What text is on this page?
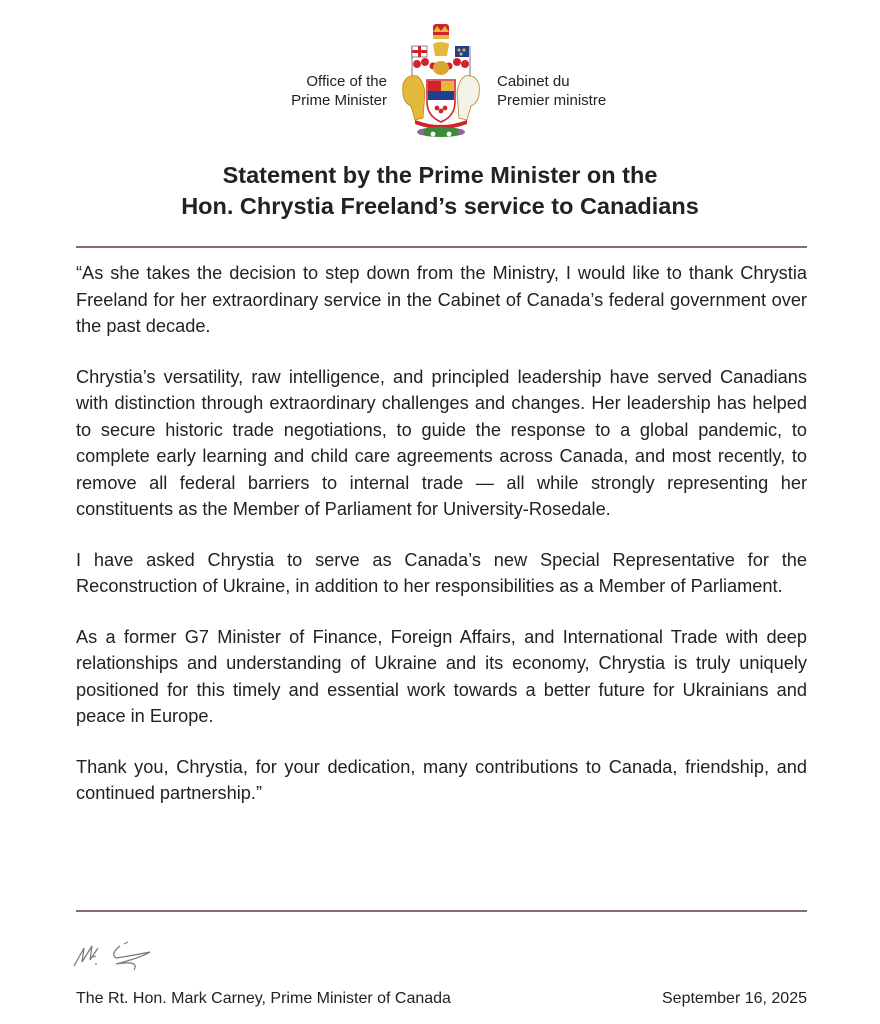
Office of the
Prime Minister
Cabinet du
Premier ministre
Statement by the Prime Minister on the
Hon. Chrystia Freeland’s service to Canadians

“As she takes the decision to step down from the Ministry, I would like to thank Chrystia Freeland for her extraordinary service in the Cabinet of Canada’s federal government over the past decade.

Chrystia’s versatility, raw intelligence, and principled leadership have served Canadians with distinction through extraordinary challenges and changes. Her leadership has helped to secure historic trade negotiations, to guide the response to a global pandemic, to complete early learning and child care agreements across Canada, and most recently, to remove all federal barriers to internal trade — all while strongly representing her constituents as the Member of Parliament for University-Rosedale.

I have asked Chrystia to serve as Canada’s new Special Representative for the Reconstruction of Ukraine, in addition to her responsibilities as a Member of Parliament.

As a former G7 Minister of Finance, Foreign Affairs, and International Trade with deep relationships and understanding of Ukraine and its economy, Chrystia is truly uniquely positioned for this timely and essential work towards a better future for Ukrainians and peace in Europe.

Thank you, Chrystia, for your dedication, many contributions to Canada, friendship, and continued partnership.”

The Rt. Hon. Mark Carney, Prime Minister of Canada	September 16, 2025
